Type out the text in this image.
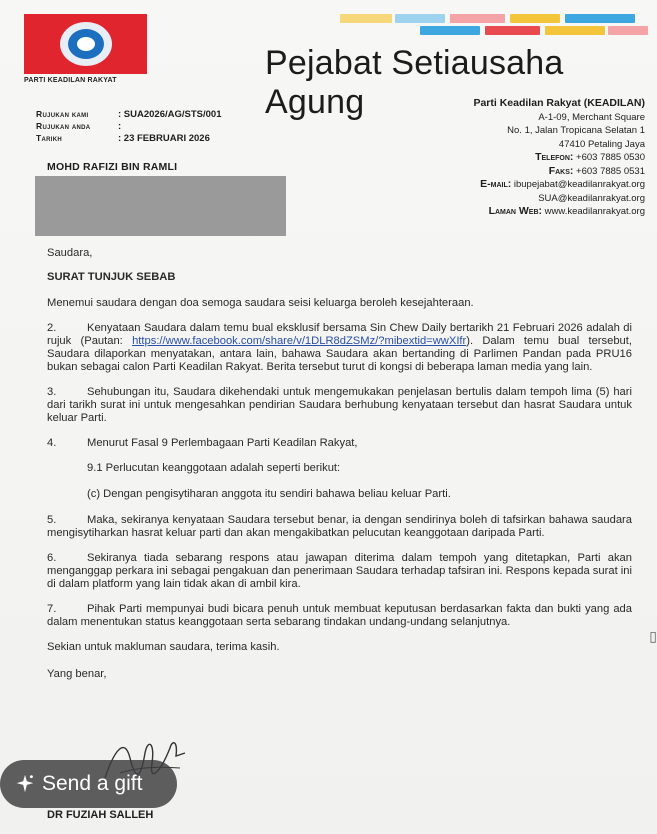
PARTI KEADILAN RAKYAT	Pejabat Setiausaha Agung
Rujukan kami	: SUA2026/AG/STS/001
Rujukan anda	:
Tarikh	: 23 FEBRUARI 2026
Parti Keadilan Rakyat (KEADILAN)
A-1-09, Merchant Square
No. 1, Jalan Tropicana Selatan 1
47410 Petaling Jaya
Telefon: +603 7885 0530
Faks: +603 7885 0531
E-mail: ibupejabat@keadilanrakyat.org
SUA@keadilanrakyat.org
Laman Web: www.keadilanrakyat.org
MOHD RAFIZI BIN RAMLI

Saudara,

SURAT TUNJUK SEBAB

Menemui saudara dengan doa semoga saudara seisi keluarga beroleh kesejahteraan.

2.	Kenyataan Saudara dalam temu bual eksklusif bersama Sin Chew Daily bertarikh 21 Februari 2026 adalah di rujuk (Pautan: https://www.facebook.com/share/v/1DLR8dZSMz/?mibextid=wwXIfr). Dalam temu bual tersebut, Saudara dilaporkan menyatakan, antara lain, bahawa Saudara akan bertanding di Parlimen Pandan pada PRU16 bukan sebagai calon Parti Keadilan Rakyat. Berita tersebut turut di kongsi di beberapa laman media yang lain.

3.	Sehubungan itu, Saudara dikehendaki untuk mengemukakan penjelasan bertulis dalam tempoh lima (5) hari dari tarikh surat ini untuk mengesahkan pendirian Saudara berhubung kenyataan tersebut dan hasrat Saudara untuk keluar Parti.

4.	Menurut Fasal 9 Perlembagaan Parti Keadilan Rakyat,

9.1 Perlucutan keanggotaan adalah seperti berikut:

(c) Dengan pengisytiharan anggota itu sendiri bahawa beliau keluar Parti.

5.	Maka, sekiranya kenyataan Saudara tersebut benar, ia dengan sendirinya boleh di tafsirkan bahawa saudara mengisytiharkan hasrat keluar parti dan akan mengakibatkan pelucutan keanggotaan daripada Parti.

6.	Sekiranya tiada sebarang respons atau jawapan diterima dalam tempoh yang ditetapkan, Parti akan menganggap perkara ini sebagai pengakuan dan penerimaan Saudara terhadap tafsiran ini. Respons kepada surat ini di dalam platform yang lain tidak akan di ambil kira.

7.	Pihak Parti mempunyai budi bicara penuh untuk membuat keputusan berdasarkan fakta dan bukti yang ada dalam menentukan status keanggotaan serta sebarang tindakan undang-undang selanjutnya.

Sekian untuk makluman saudara, terima kasih.

Yang benar,

DR FUZIAH SALLEH
Send a gift
▯
